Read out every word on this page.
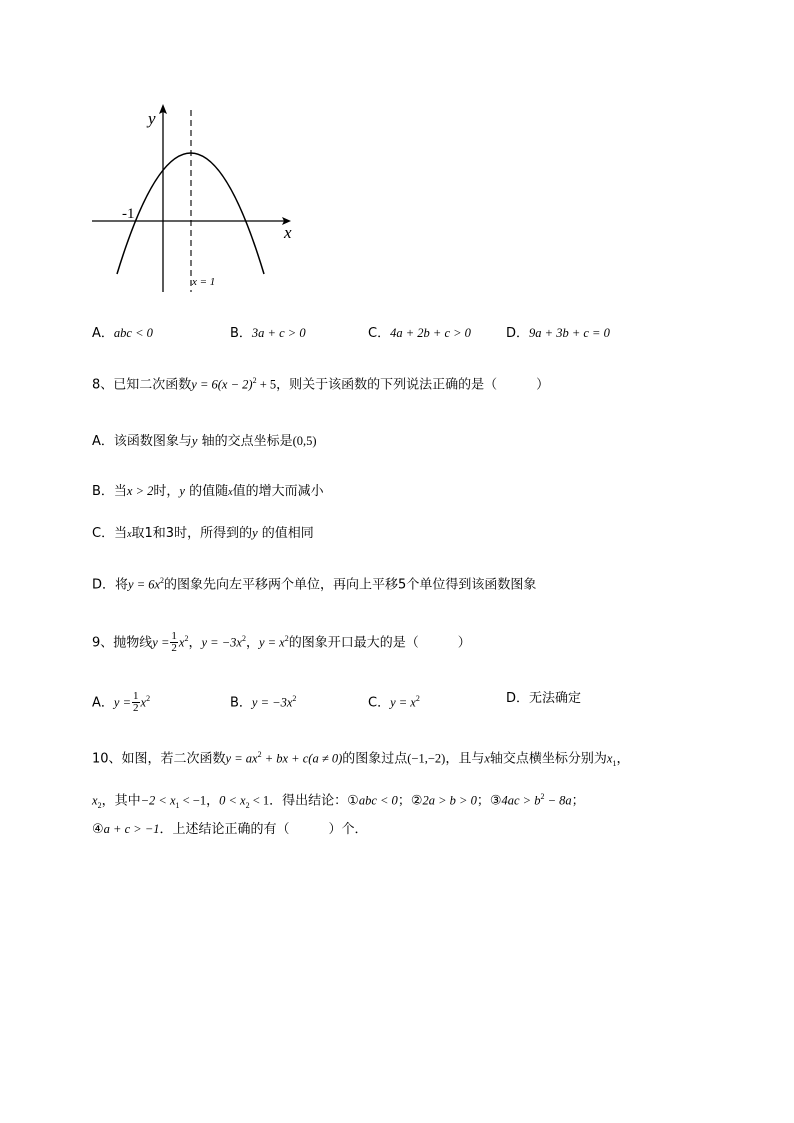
y
x
-1
x = 1
A．abc < 0	B．3a + c > 0	C．4a + 2b + c > 0	D．9a + 3b + c = 0
8、已知二次函数$y = 6(x - 2)^2 + 5$，则关于该函数的下列说法正确的是（　　　）
A．该函数图象与y 轴的交点坐标是(0,5)
B．当x > 2时，y 的值随x值的增大而减小
C．当x取1和3时，所得到的y 的值相同
D．将$y = 6x^2$的图象先向左平移两个单位，再向上平移5个单位得到该函数图象
9、抛物线$y = \frac{1}{2} x^2$，$y = -3x^2$，$y = x^2$的图象开口最大的是（　　　）
A．$y = \frac{1}{2} x^2$	B．$y = -3x^2$	C．$y = x^2$	D．无法确定
10、如图，若二次函数$y = ax^2$ + bx + c(a ≠ 0)的图象过点(−1,−2)，且与x轴交点横坐标分别为$x_1$，
$x_2$，其中$-2 < x_1 < -1$，$0 < x_2 < 1$．得出结论：①abc < 0；②2a > b > 0；③4ac > $b^2 - 8a$；
④a + c > −1．上述结论正确的有（　　　）个．
